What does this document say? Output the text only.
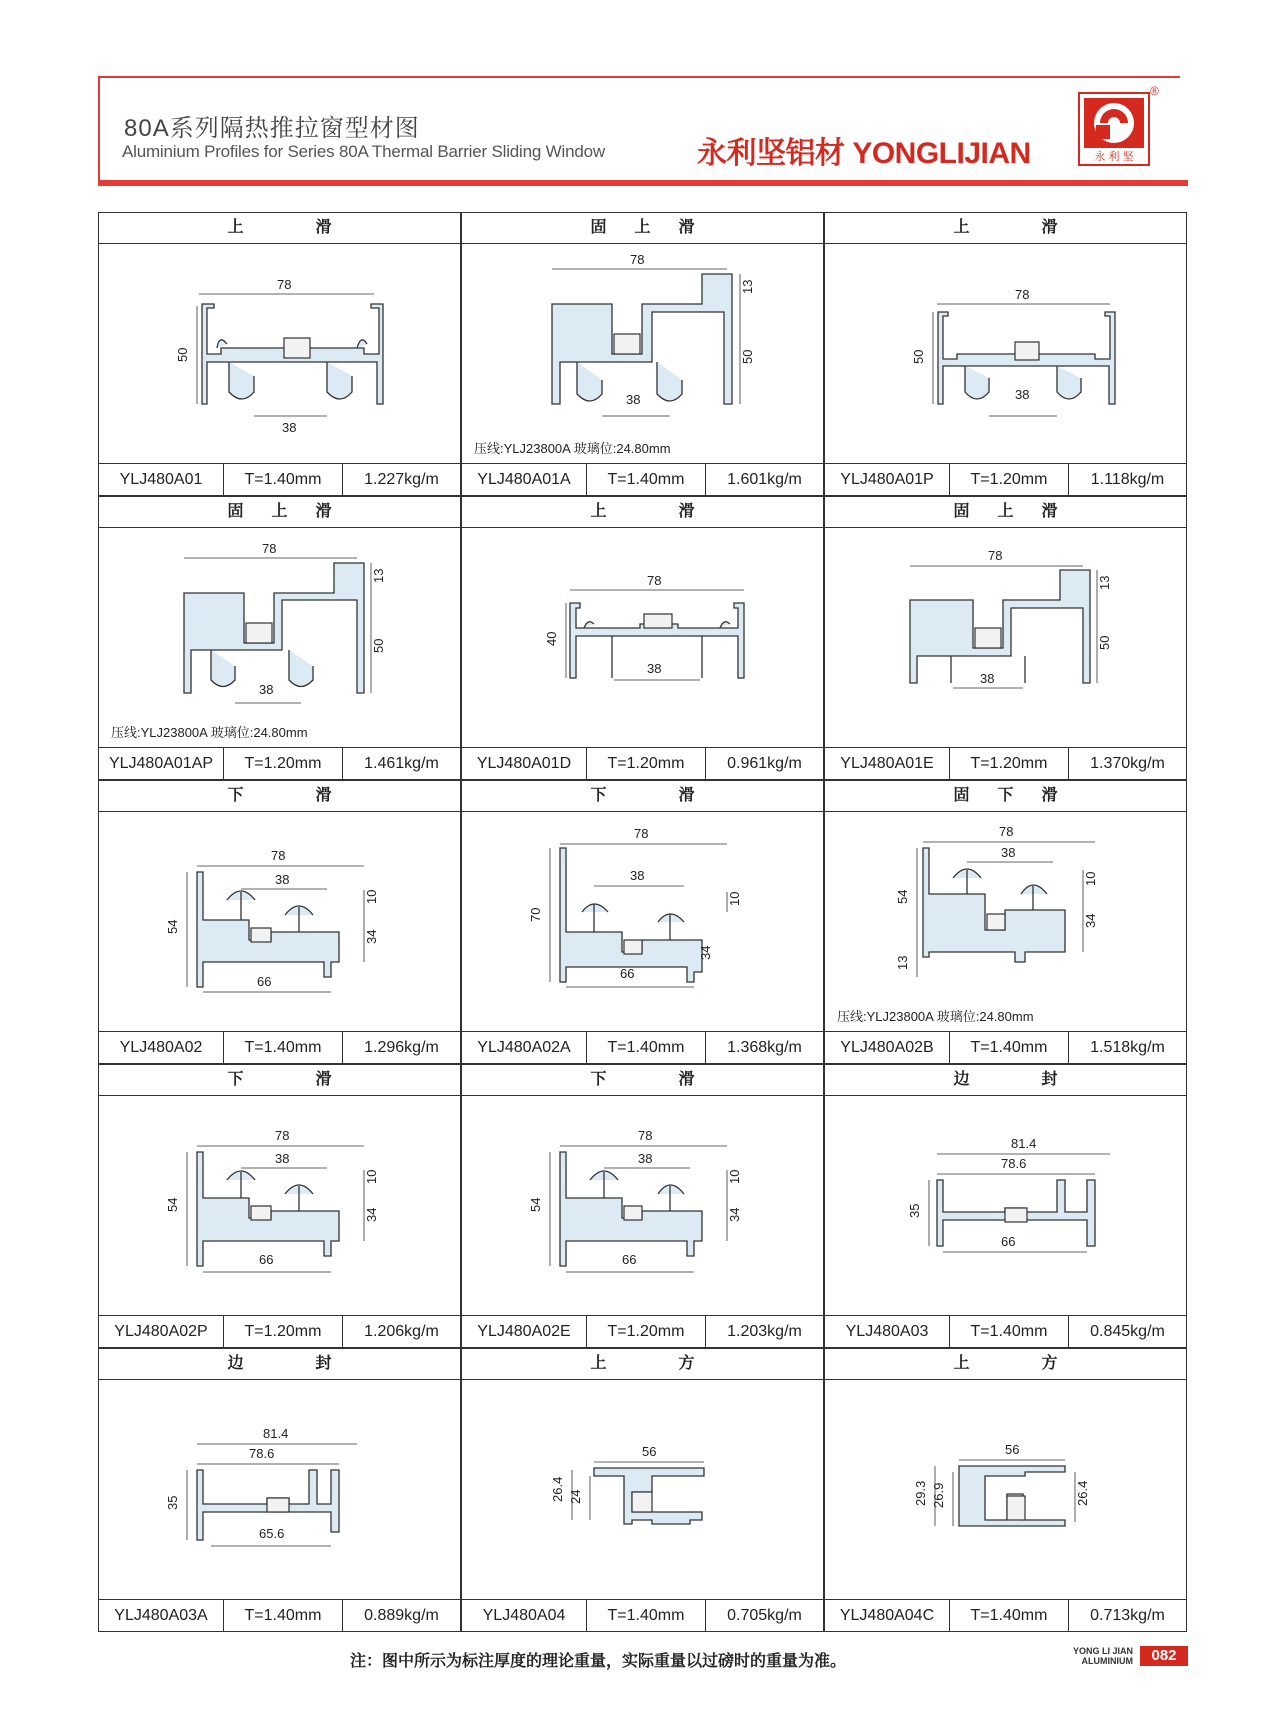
80A系列隔热推拉窗型材图
Aluminium Profiles for Series 80A Thermal Barrier Sliding Window	永利坚铝材 YONGLIJIAN
®
永 利 坚
上　滑
78
50
38
YLJ480A01	T=1.40mm	1.227kg/m
固上滑
78
13
50
38
压线:YLJ23800A 玻璃位:24.80mm
YLJ480A01A	T=1.40mm	1.601kg/m
上　滑
78
50
38
YLJ480A01P	T=1.20mm	1.118kg/m
固上滑
78
13
50
38
压线:YLJ23800A 玻璃位:24.80mm
YLJ480A01AP	T=1.20mm	1.461kg/m
上　滑
78
40
38
YLJ480A01D	T=1.20mm	0.961kg/m
固上滑
78
13
50
38
YLJ480A01E	T=1.20mm	1.370kg/m
下　滑
78
38
54
10
34
66
YLJ480A02	T=1.40mm	1.296kg/m
下　滑
78
38
70
10
66
34
YLJ480A02A	T=1.40mm	1.368kg/m
固下滑
78
38
54
10
34
13
压线:YLJ23800A 玻璃位:24.80mm
YLJ480A02B	T=1.40mm	1.518kg/m
下　滑
78
38
54
10
34
66
YLJ480A02P	T=1.20mm	1.206kg/m
下　滑
78
38
54
10
34
66
YLJ480A02E	T=1.20mm	1.203kg/m
边　封
81.4
78.6
35
66
YLJ480A03	T=1.40mm	0.845kg/m
边　封
81.4
78.6
35
65.6
YLJ480A03A	T=1.40mm	0.889kg/m
上　方
56
26.4 24
YLJ480A04	T=1.40mm	0.705kg/m
上　方
56
29.3 26.9	26.4
YLJ480A04C	T=1.40mm	0.713kg/m
注：图中所示为标注厚度的理论重量，实际重量以过磅时的重量为准。
YONG LI JIAN
ALUMINIUM	082
